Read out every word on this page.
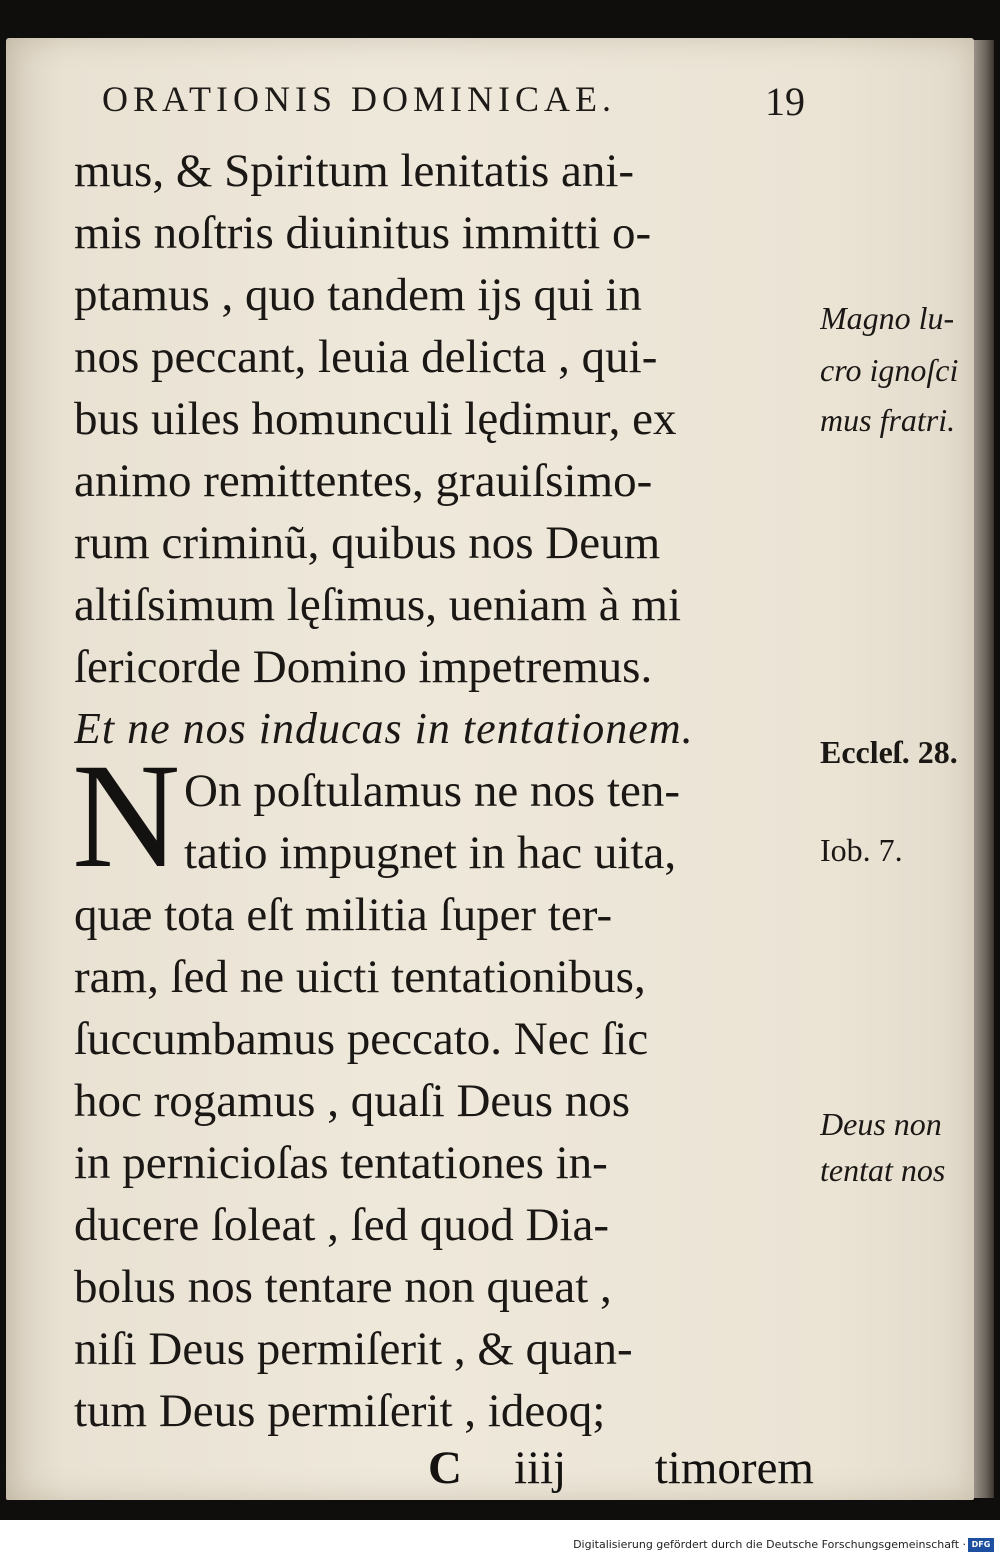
ORATIONIS DOMINICAE.	19
mus, & Spiritum lenitatis ani-
mis noſtris diuinitus immitti o-
ptamus , quo tandem ijs qui in
nos peccant, leuia delicta , qui-
bus uiles homunculi lędimur, ex
animo remittentes, grauiſsimo-
rum criminũ, quibus nos Deum
altiſsimum lęſimus, ueniam à mi
ſericorde Domino impetremus.
Et ne nos inducas in tentationem.
N On poſtulamus ne nos ten-
tatio impugnet in hac uita,
quæ tota eſt militia ſuper ter-
ram, ſed ne uicti tentationibus,
ſuccumbamus peccato. Nec ſic
hoc rogamus , quaſi Deus nos
in pernicioſas tentationes in-
ducere ſoleat , ſed quod Dia-
bolus nos tentare non queat ,
niſi Deus permiſerit , & quan-
tum Deus permiſerit , ideoq;
Magno lu-
cro ignoſci
mus fratri.
Eccleſ. 28.
Iob. 7.
Deus non
tentat nos
C iiij	timorem
Digitalisierung gefördert durch die Deutsche Forschungsgemeinschaft · DFG
